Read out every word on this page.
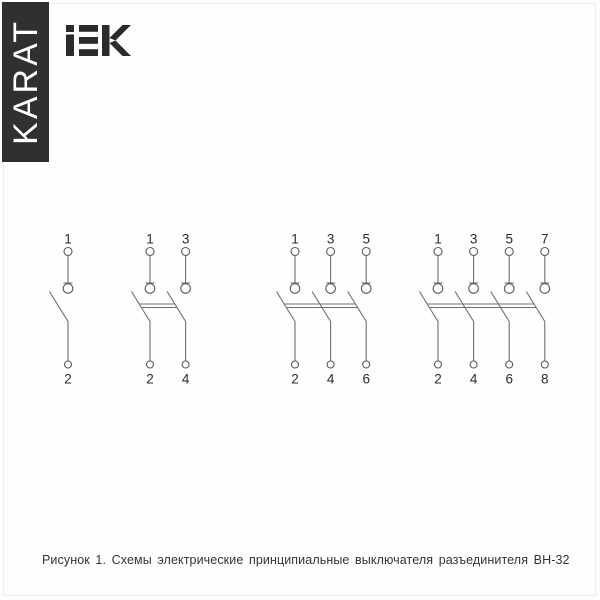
KARAT
1
2
1
2
3
4
1
2
3
4
5
6
1
2
3
4
5
6
7
8
Рисунок 1. Схемы электрические принципиальные выключателя разъединителя ВН-32
